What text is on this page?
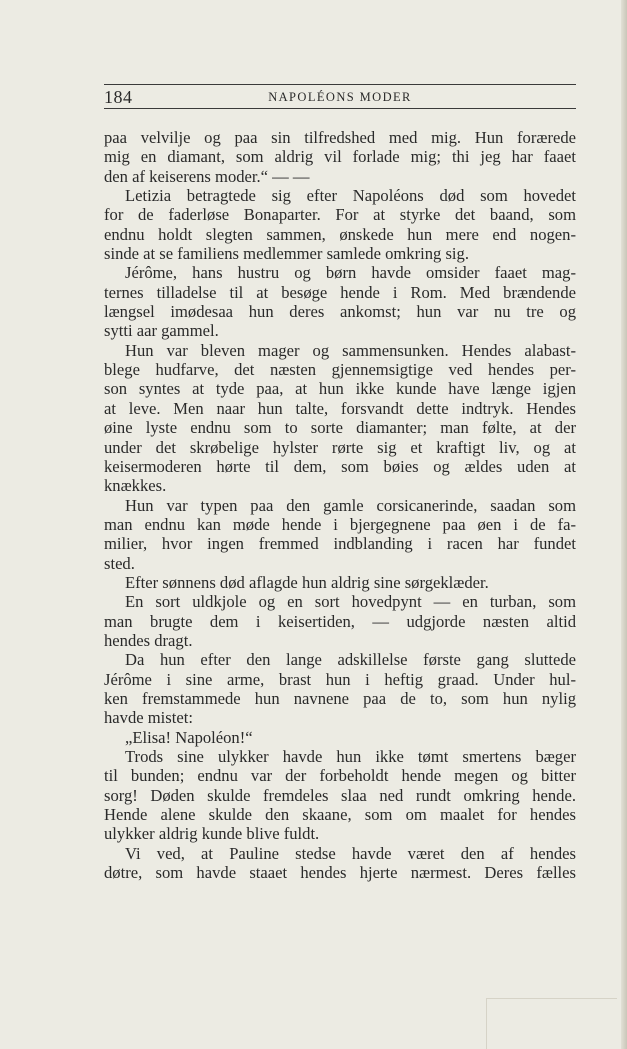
184	NAPOLÉONS MODER
paa velvilje og paa sin tilfredshed med mig. Hun forærede
mig en diamant, som aldrig vil forlade mig; thi jeg har faaet
den af keiserens moder.“ — —
Letizia betragtede sig efter Napoléons død som hovedet
for de faderløse Bonaparter. For at styrke det baand, som
endnu holdt slegten sammen, ønskede hun mere end nogen-
sinde at se familiens medlemmer samlede omkring sig.
Jérôme, hans hustru og børn havde omsider faaet mag-
ternes tilladelse til at besøge hende i Rom. Med brændende
længsel imødesaa hun deres ankomst; hun var nu tre og
sytti aar gammel.
Hun var bleven mager og sammensunken. Hendes alabast-
blege hudfarve, det næsten gjennemsigtige ved hendes per-
son syntes at tyde paa, at hun ikke kunde have længe igjen
at leve. Men naar hun talte, forsvandt dette indtryk. Hendes
øine lyste endnu som to sorte diamanter; man følte, at der
under det skrøbelige hylster rørte sig et kraftigt liv, og at
keisermoderen hørte til dem, som bøies og ældes uden at
knækkes.
Hun var typen paa den gamle corsicanerinde, saadan som
man endnu kan møde hende i bjergegnene paa øen i de fa-
milier, hvor ingen fremmed indblanding i racen har fundet
sted.
Efter sønnens død aflagde hun aldrig sine sørgeklæder.
En sort uldkjole og en sort hovedpynt — en turban, som
man brugte dem i keisertiden, — udgjorde næsten altid
hendes dragt.
Da hun efter den lange adskillelse første gang sluttede
Jérôme i sine arme, brast hun i heftig graad. Under hul-
ken fremstammede hun navnene paa de to, som hun nylig
havde mistet:
„Elisa! Napoléon!“
Trods sine ulykker havde hun ikke tømt smertens bæger
til bunden; endnu var der forbeholdt hende megen og bitter
sorg! Døden skulde fremdeles slaa ned rundt omkring hende.
Hende alene skulde den skaane, som om maalet for hendes
ulykker aldrig kunde blive fuldt.
Vi ved, at Pauline stedse havde været den af hendes
døtre, som havde staaet hendes hjerte nærmest. Deres fælles
